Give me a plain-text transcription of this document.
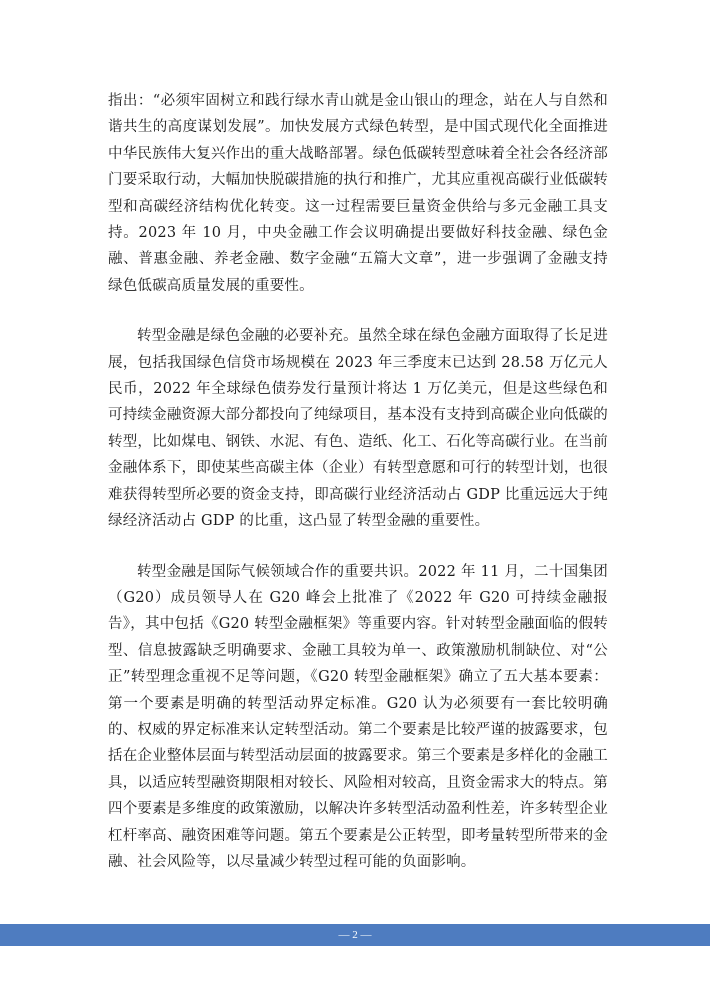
指出：“必须牢固树立和践行绿水青山就是金山银山的理念，站在人与自然和谐共生的高度谋划发展”。加快发展方式绿色转型，是中国式现代化全面推进中华民族伟大复兴作出的重大战略部署。绿色低碳转型意味着全社会各经济部门要采取行动，大幅加快脱碳措施的执行和推广，尤其应重视高碳行业低碳转型和高碳经济结构优化转变。这一过程需要巨量资金供给与多元金融工具支持。2023 年 10 月，中央金融工作会议明确提出要做好科技金融、绿色金融、普惠金融、养老金融、数字金融“五篇大文章”，进一步强调了金融支持绿色低碳高质量发展的重要性。

转型金融是绿色金融的必要补充。虽然全球在绿色金融方面取得了长足进展，包括我国绿色信贷市场规模在 2023 年三季度末已达到 28.58 万亿元人民币，2022 年全球绿色债券发行量预计将达 1 万亿美元，但是这些绿色和可持续金融资源大部分都投向了纯绿项目，基本没有支持到高碳企业向低碳的转型，比如煤电、钢铁、水泥、有色、造纸、化工、石化等高碳行业。在当前金融体系下，即使某些高碳主体（企业）有转型意愿和可行的转型计划，也很难获得转型所必要的资金支持，即高碳行业经济活动占 GDP 比重远远大于纯绿经济活动占 GDP 的比重，这凸显了转型金融的重要性。

转型金融是国际气候领域合作的重要共识。2022 年 11 月，二十国集团（G20）成员领导人在 G20 峰会上批准了《2022 年 G20 可持续金融报告》，其中包括《G20 转型金融框架》等重要内容。针对转型金融面临的假转型、信息披露缺乏明确要求、金融工具较为单一、政策激励机制缺位、对“公正”转型理念重视不足等问题，《G20 转型金融框架》确立了五大基本要素：第一个要素是明确的转型活动界定标准。G20 认为必须要有一套比较明确的、权威的界定标准来认定转型活动。第二个要素是比较严谨的披露要求，包括在企业整体层面与转型活动层面的披露要求。第三个要素是多样化的金融工具，以适应转型融资期限相对较长、风险相对较高，且资金需求大的特点。第四个要素是多维度的政策激励，以解决许多转型活动盈利性差，许多转型企业杠杆率高、融资困难等问题。第五个要素是公正转型，即考量转型所带来的金融、社会风险等，以尽量减少转型过程可能的负面影响。

— 2 —
